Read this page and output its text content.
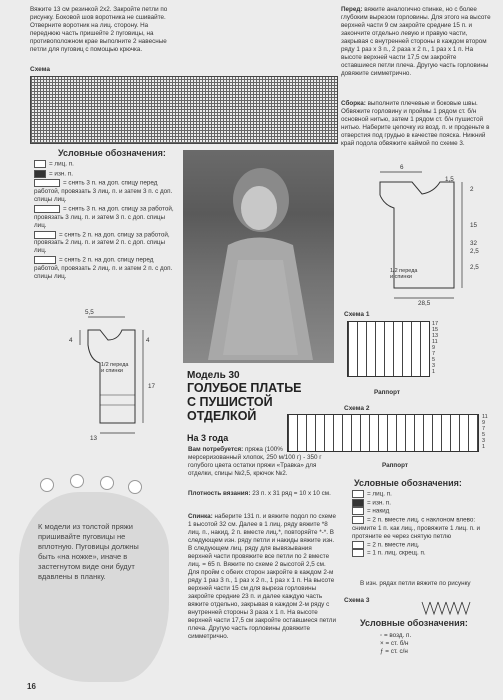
Вяжите 13 см резинкой 2х2. Закройте петли по рисунку. Боковой шов воротника не сшивайте. Отверните воротник на лиц. сторону. На переднюю часть пришейте 2 пуговицы, на противоположном крае выполните 2 навесные петли для пуговиц с помощью крючка.
Схема
Условные обозначения:
= лиц. п.
= изн. п.
= снять 3 п. на доп. спицу перед работой, провязать 3 лиц. п. и затем 3 п. с доп. спицы лиц.
= снять 3 п. на доп. спицу за работой, провязать 3 лиц. п. и затем 3 п. с доп. спицы лиц.
= снять 2 п. на доп. спицу за работой, провязать 2 лиц. п. и затем 2 п. с доп. спицы лиц.
= снять 2 п. на доп. спицу перед работой, провязать 2 лиц. п. и затем 2 п. с доп. спицы лиц.
5,5
4	4
17
13
1/2 переда и спинки
К модели из толстой пряжи пришивайте пуговицы не вплотную. Пуговицы должны быть «на ножке», иначе в застегнутом виде они будут вдавлены в планку.
Модель 30
ГОЛУБОЕ ПЛАТЬЕ С ПУШИСТОЙ ОТДЕЛКОЙ
На 3 года
Вам потребуется: пряжа (100% мерсеризованный хлопок, 250 м/100 г) - 350 г голубого цвета остатки пряжи «Травка» для отделки, спицы №2,5, крючок №2.
Плотность вязания: 23 п. х 31 ряд = 10 х 10 см.
Спинка: наберите 131 п. и вяжите подол по схеме 1 высотой 32 см. Далее в 1 лиц. ряду вяжите *8 лиц. п., накид, 2 п. вместе лиц.*, повторяйте *-*. В следующем изн. ряду петли и накиды вяжите изн. В следующем лиц. ряду для вывязывания верхней части провяжите все петли по 2 вместе лиц. = 65 п. Вяжите по схеме 2 высотой 2,5 см. Для пройм с обеих сторон закройте в каждом 2-м ряду 1 раз 3 п., 1 раз х 2 п., 1 раз х 1 п. На высоте верхней части 15 см для выреза горловины закройте средние 23 п. и далее каждую часть вяжите отдельно, закрывая в каждом 2-м ряду с внутренней стороны 3 раза х 1 п. На высоте верхней части 17,5 см закройте оставшиеся петли плеча. Другую часть горловины довяжите симметрично.
Перед: вяжите аналогично спинке, но с более глубоким вырезом горловины. Для этого на высоте верхней части 9 см закройте средние 15 п. и закончите отдельно левую и правую части, закрывая с внутренней стороны в каждом втором ряду 1 раз х 3 п., 2 раза х 2 п., 1 раз х 1 п. На высоте верхней части 17,5 см закройте оставшиеся петли плеча. Другую часть горловины довяжите симметрично.
Сборка: выполните плечевые и боковые швы. Обвяжите горловину и проймы 1 рядом ст. б/н основной нитью, затем 1 рядом ст. б/н пушистой нитью. Наберите цепочку из возд. п. и проденьте в отверстия под грудью в качестве пояска. Нижний край подола обвяжите каймой по схеме 3.
6
1,5
2
2,5
2,5
15
32
28,5
1/2 переда и спинки
Схема 1
17
15
13
11
9
7
5
3
1
Раппорт
Схема 2
11
9
7
5
3
1
Раппорт
Условные обозначения:
= лиц. п.
= изн. п.
= накид
= 2 п. вместе лиц. с наклоном влево: снимите 1 п. как лиц., провяжите 1 лиц. п. и протяните ее через снятую петлю
= 2 п. вместе лиц.
= 1 п. лиц. скрещ. п.
В изн. рядах петли вяжите по рисунку
Схема 3
Условные обозначения:
◦ = возд. п.
× = ст. б/н
ƒ = ст. с/н
16
